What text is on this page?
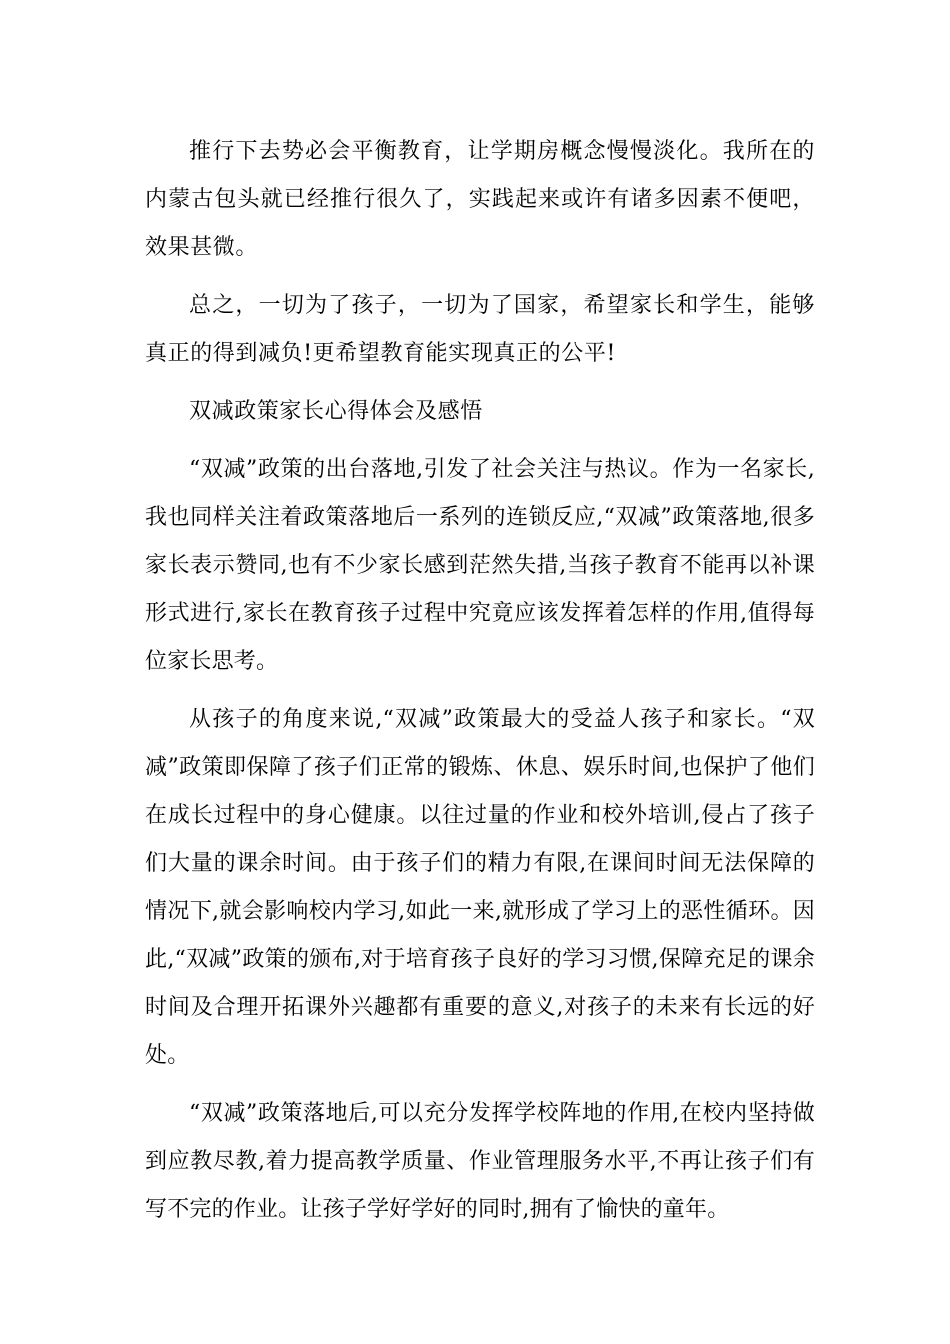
推行下去势必会平衡教育，让学期房概念慢慢淡化。我所在的内蒙古包头就已经推行很久了，实践起来或许有诸多因素不便吧，效果甚微。

总之，一切为了孩子，一切为了国家，希望家长和学生，能够真正的得到减负!更希望教育能实现真正的公平!

双减政策家长心得体会及感悟

“双减”政策的出台落地,引发了社会关注与热议。作为一名家长,我也同样关注着政策落地后一系列的连锁反应,“双减”政策落地,很多家长表示赞同,也有不少家长感到茫然失措,当孩子教育不能再以补课形式进行,家长在教育孩子过程中究竟应该发挥着怎样的作用,值得每位家长思考。

从孩子的角度来说,“双减”政策最大的受益人孩子和家长。“双减”政策即保障了孩子们正常的锻炼、休息、娱乐时间,也保护了他们在成长过程中的身心健康。以往过量的作业和校外培训,侵占了孩子们大量的课余时间。由于孩子们的精力有限,在课间时间无法保障的情况下,就会影响校内学习,如此一来,就形成了学习上的恶性循环。因此,“双减”政策的颁布,对于培育孩子良好的学习习惯,保障充足的课余时间及合理开拓课外兴趣都有重要的意义,对孩子的未来有长远的好处。

“双减”政策落地后,可以充分发挥学校阵地的作用,在校内坚持做到应教尽教,着力提高教学质量、作业管理服务水平,不再让孩子们有写不完的作业。让孩子学好学好的同时,拥有了愉快的童年。
